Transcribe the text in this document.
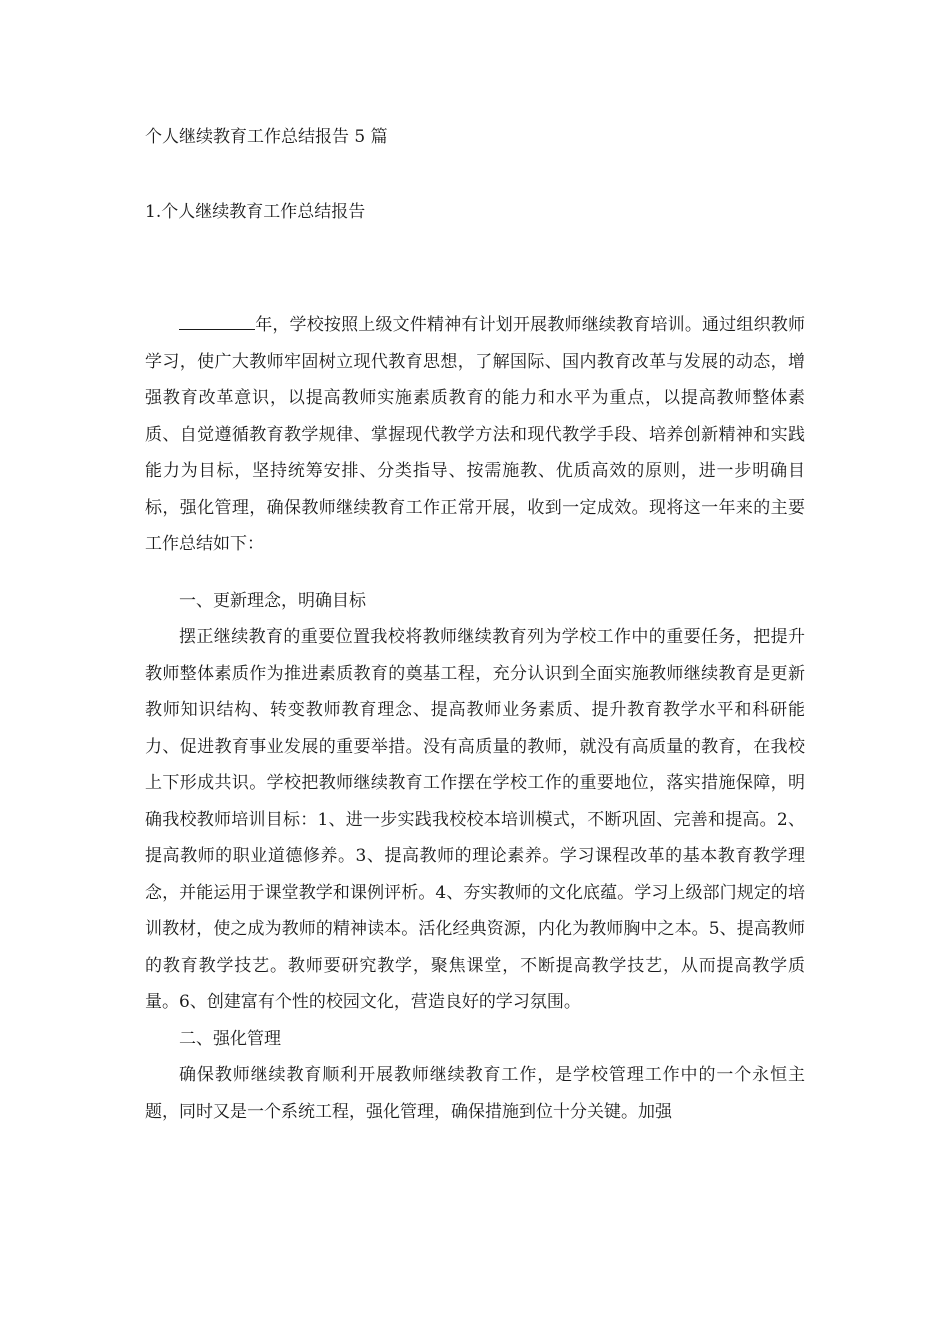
个人继续教育工作总结报告 5 篇
1.个人继续教育工作总结报告

年，学校按照上级文件精神有计划开展教师继续教育培训。通过组织教师学习，使广大教师牢固树立现代教育思想，了解国际、国内教育改革与发展的动态，增强教育改革意识，以提高教师实施素质教育的能力和水平为重点，以提高教师整体素质、自觉遵循教育教学规律、掌握现代教学方法和现代教学手段、培养创新精神和实践能力为目标，坚持统筹安排、分类指导、按需施教、优质高效的原则，进一步明确目标，强化管理，确保教师继续教育工作正常开展，收到一定成效。现将这一年来的主要工作总结如下：

一、更新理念，明确目标

摆正继续教育的重要位置我校将教师继续教育列为学校工作中的重要任务，把提升教师整体素质作为推进素质教育的奠基工程，充分认识到全面实施教师继续教育是更新教师知识结构、转变教师教育理念、提高教师业务素质、提升教育教学水平和科研能力、促进教育事业发展的重要举措。没有高质量的教师，就没有高质量的教育，在我校上下形成共识。学校把教师继续教育工作摆在学校工作的重要地位，落实措施保障，明确我校教师培训目标：1、进一步实践我校校本培训模式，不断巩固、完善和提高。2、提高教师的职业道德修养。3、提高教师的理论素养。学习课程改革的基本教育教学理念，并能运用于课堂教学和课例评析。4、夯实教师的文化底蕴。学习上级部门规定的培训教材，使之成为教师的精神读本。活化经典资源，内化为教师胸中之本。5、提高教师的教育教学技艺。教师要研究教学，聚焦课堂，不断提高教学技艺，从而提高教学质量。6、创建富有个性的校园文化，营造良好的学习氛围。

二、强化管理

确保教师继续教育顺利开展教师继续教育工作，是学校管理工作中的一个永恒主题，同时又是一个系统工程，强化管理，确保措施到位十分关键。加强
